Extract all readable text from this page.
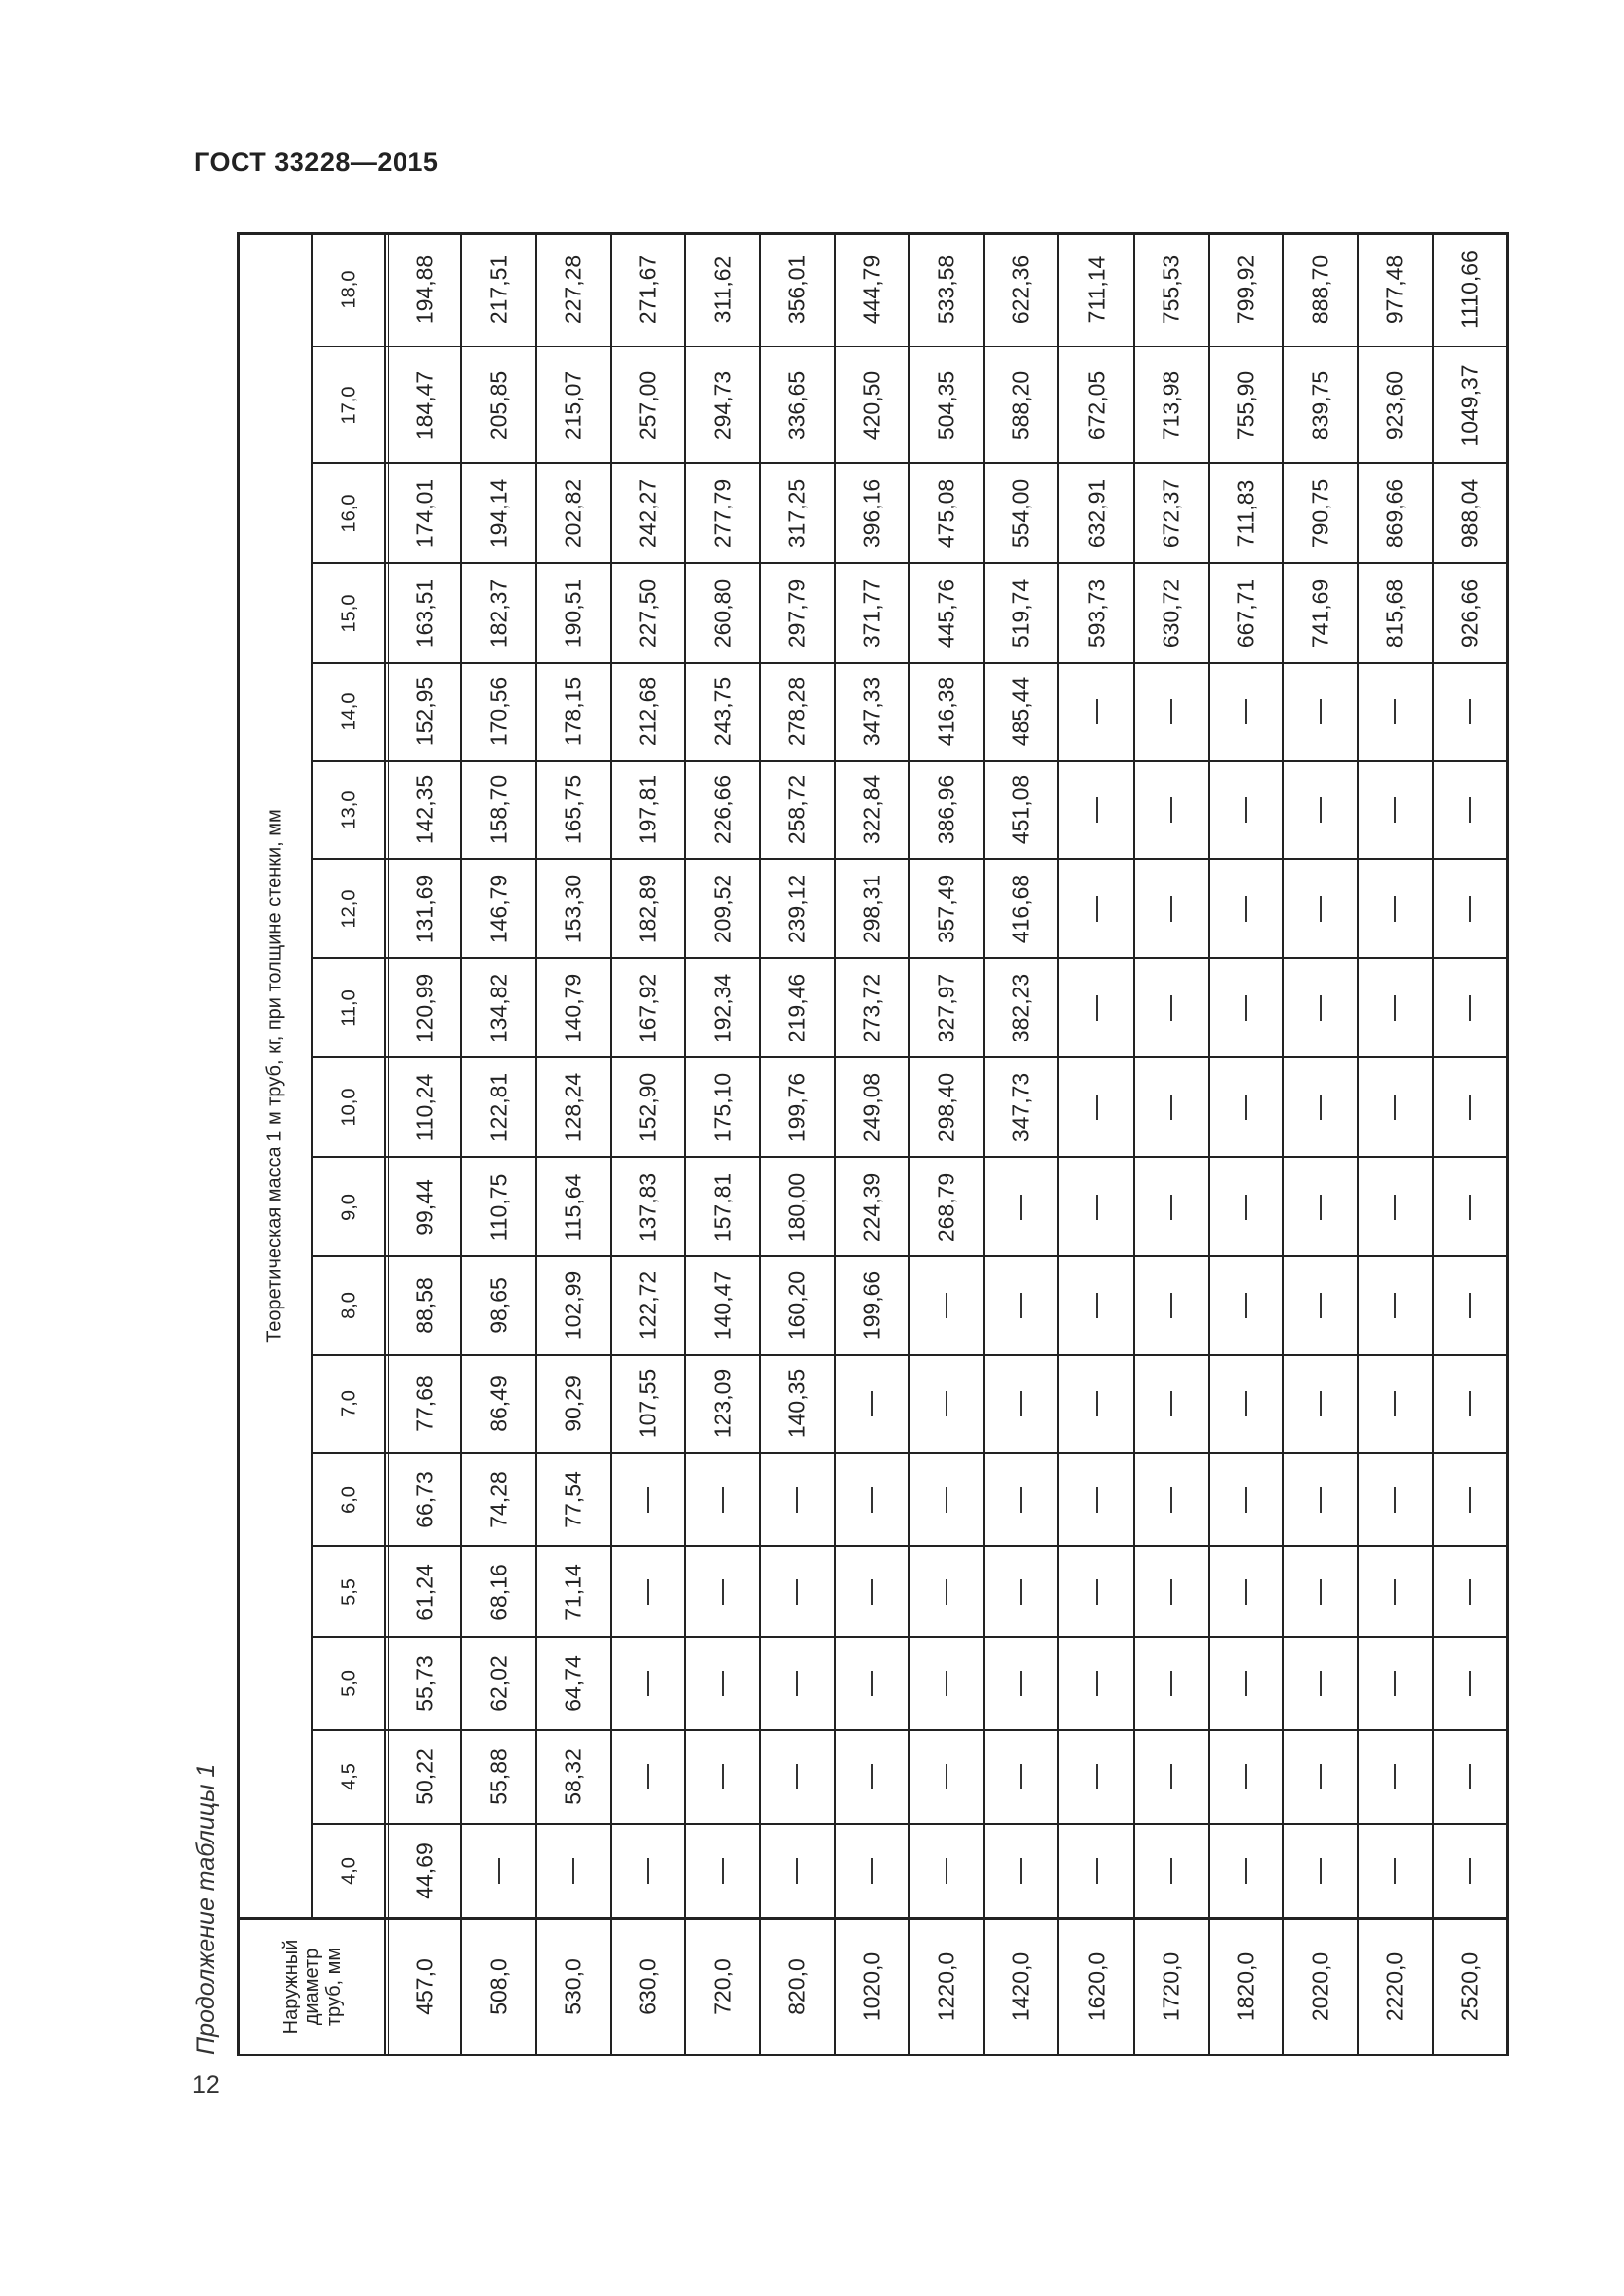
ГОСТ 33228—2015
Продолжение таблицы 1
12
Теоретическая масса 1 м труб, кг, при толщине стенки, мм
Наружный
диаметр
труб, мм
18,0 194,88 217,51 227,28 271,67 311,62 356,01 444,79 533,58 622,36 711,14 755,53 799,92 888,70 977,48 1110,66
17,0 184,47 205,85 215,07 257,00 294,73 336,65 420,50 504,35 588,20 672,05 713,98 755,90 839,75 923,60 1049,37
16,0 174,01 194,14 202,82 242,27 277,79 317,25 396,16 475,08 554,00 632,91 672,37 711,83 790,75 869,66 988,04
15,0 163,51 182,37 190,51 227,50 260,80 297,79 371,77 445,76 519,74 593,73 630,72 667,71 741,69 815,68 926,66
14,0 152,95 170,56 178,15 212,68 243,75 278,28 347,33 416,38 485,44
13,0 142,35 158,70 165,75 197,81 226,66 258,72 322,84 386,96 451,08
12,0 131,69 146,79 153,30 182,89 209,52 239,12 298,31 357,49 416,68
11,0 120,99 134,82 140,79 167,92 192,34 219,46 273,72 327,97 382,23
10,0 110,24 122,81 128,24 152,90 175,10 199,76 249,08 298,40 347,73
9,0 99,44 110,75 115,64 137,83 157,81 180,00 224,39 268,79
8,0 88,58 98,65 102,99 122,72 140,47 160,20 199,66
7,0 77,68 86,49 90,29 107,55 123,09 140,35
6,0 66,73 74,28 77,54
5,5 61,24 68,16 71,14
5,0 55,73 62,02 64,74
4,5 50,22 55,88 58,32
4,0 44,69
457,0 508,0 530,0 630,0 720,0 820,0 1020,0 1220,0 1420,0 1620,0 1720,0 1820,0 2020,0 2220,0 2520,0
